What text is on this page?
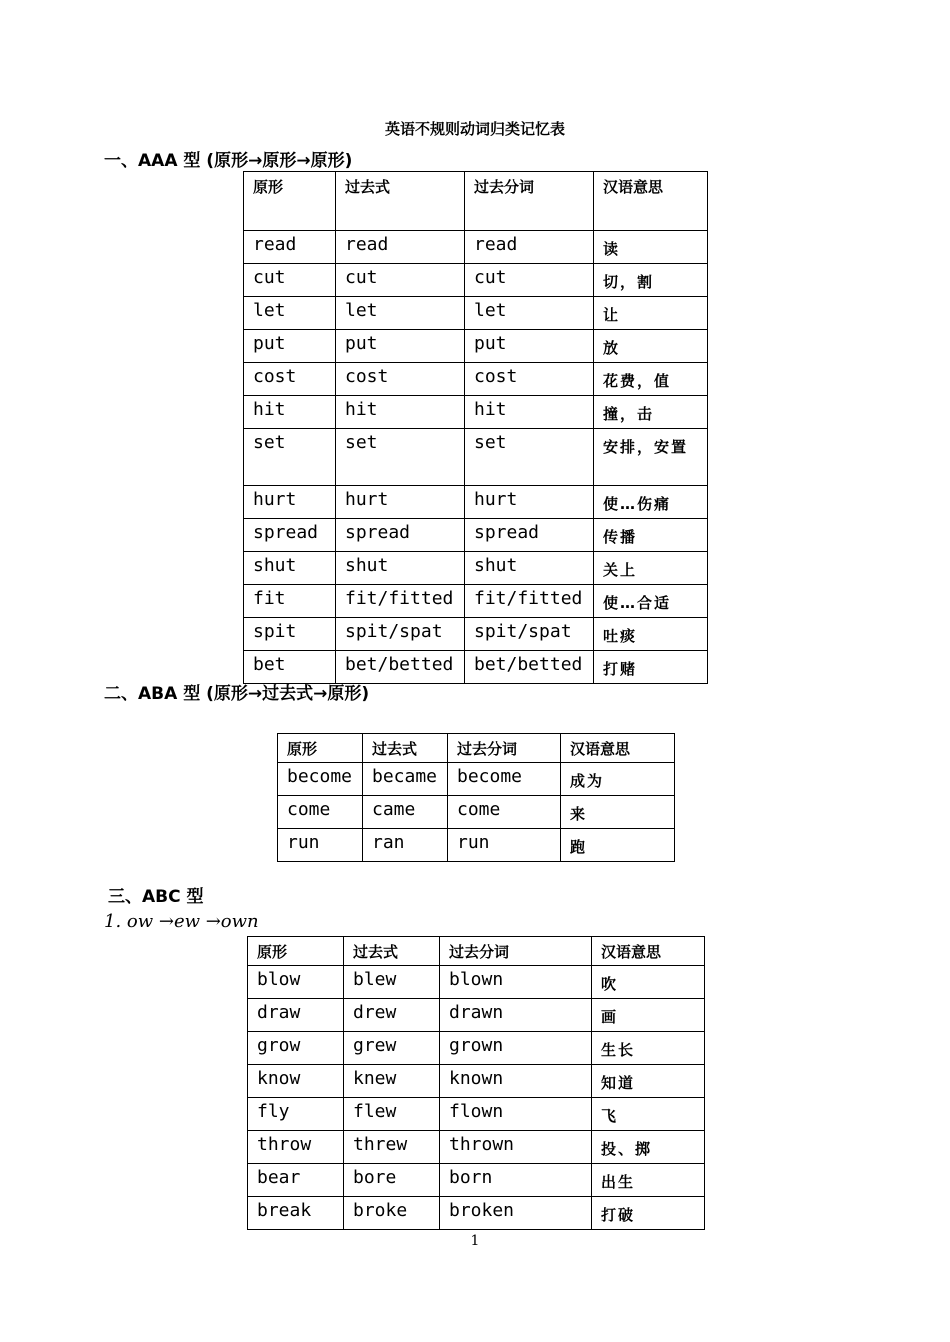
英语不规则动词归类记忆表
一、AAA 型 (原形→原形→原形)
原形	过去式	过去分词	汉语意思
read	read	read	读
cut	cut	cut	切，割
let	let	let	让
put	put	put	放
cost	cost	cost	花费，值
hit	hit	hit	撞，击
set	set	set	安排，安置
hurt	hurt	hurt	使…伤痛
spread	spread	spread	传播
shut	shut	shut	关上
fit	fit/fitted	fit/fitted	使…合适
spit	spit/spat	spit/spat	吐痰
bet	bet/betted	bet/betted	打赌
二、ABA 型 (原形→过去式→原形)
原形	过去式	过去分词	汉语意思
become	became	become	成为
come	came	come	来
run	ran	run	跑
三、ABC 型
1. ow →ew →own
原形	过去式	过去分词	汉语意思
blow	blew	blown	吹
draw	drew	drawn	画
grow	grew	grown	生长
know	knew	known	知道
fly	flew	flown	飞
throw	threw	thrown	投、掷
bear	bore	born	出生
break	broke	broken	打破
1
